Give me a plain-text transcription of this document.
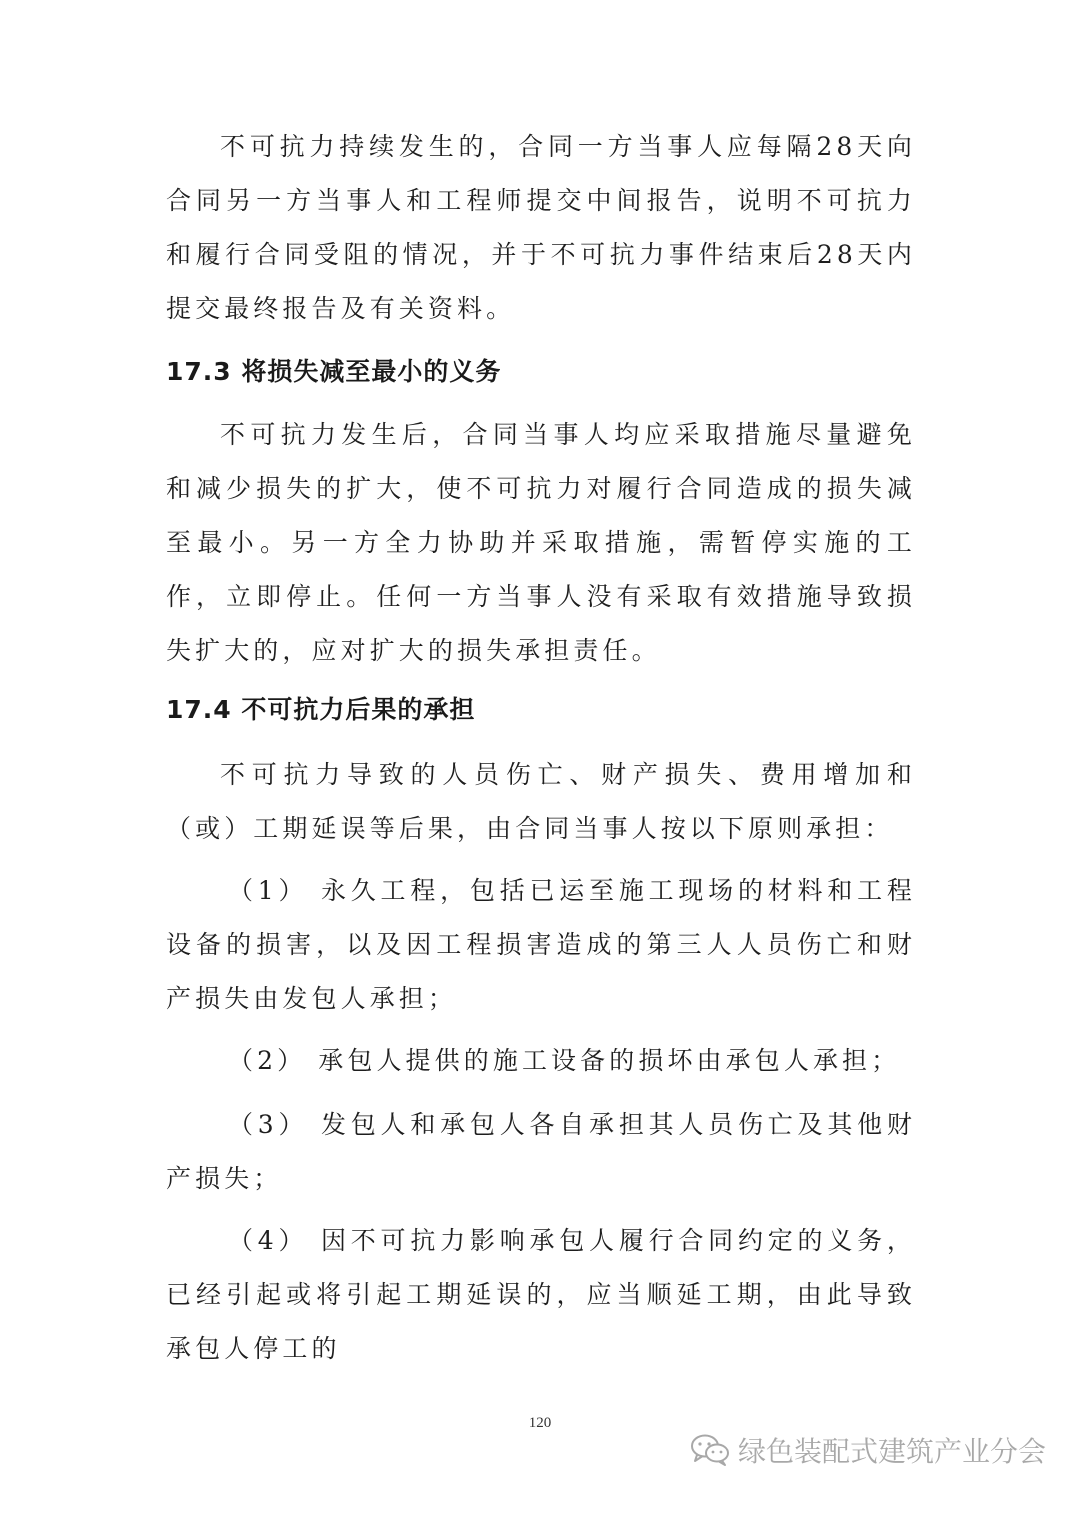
不可抗力持续发生的，合同一方当事人应每隔28天向合同另一方当事人和工程师提交中间报告，说明不可抗力和履行合同受阻的情况，并于不可抗力事件结束后28天内提交最终报告及有关资料。

17.3 将损失减至最小的义务

不可抗力发生后，合同当事人均应采取措施尽量避免和减少损失的扩大，使不可抗力对履行合同造成的损失减至最小。另一方全力协助并采取措施，需暂停实施的工作，立即停止。任何一方当事人没有采取有效措施导致损失扩大的，应对扩大的损失承担责任。

17.4 不可抗力后果的承担

不可抗力导致的人员伤亡、财产损失、费用增加和（或）工期延误等后果，由合同当事人按以下原则承担：

（1） 永久工程，包括已运至施工现场的材料和工程设备的损害，以及因工程损害造成的第三人人员伤亡和财产损失由发包人承担；

（2） 承包人提供的施工设备的损坏由承包人承担；

（3） 发包人和承包人各自承担其人员伤亡及其他财产损失；

（4） 因不可抗力影响承包人履行合同约定的义务，已经引起或将引起工期延误的，应当顺延工期，由此导致承包人停工的

120
绿色装配式建筑产业分会
